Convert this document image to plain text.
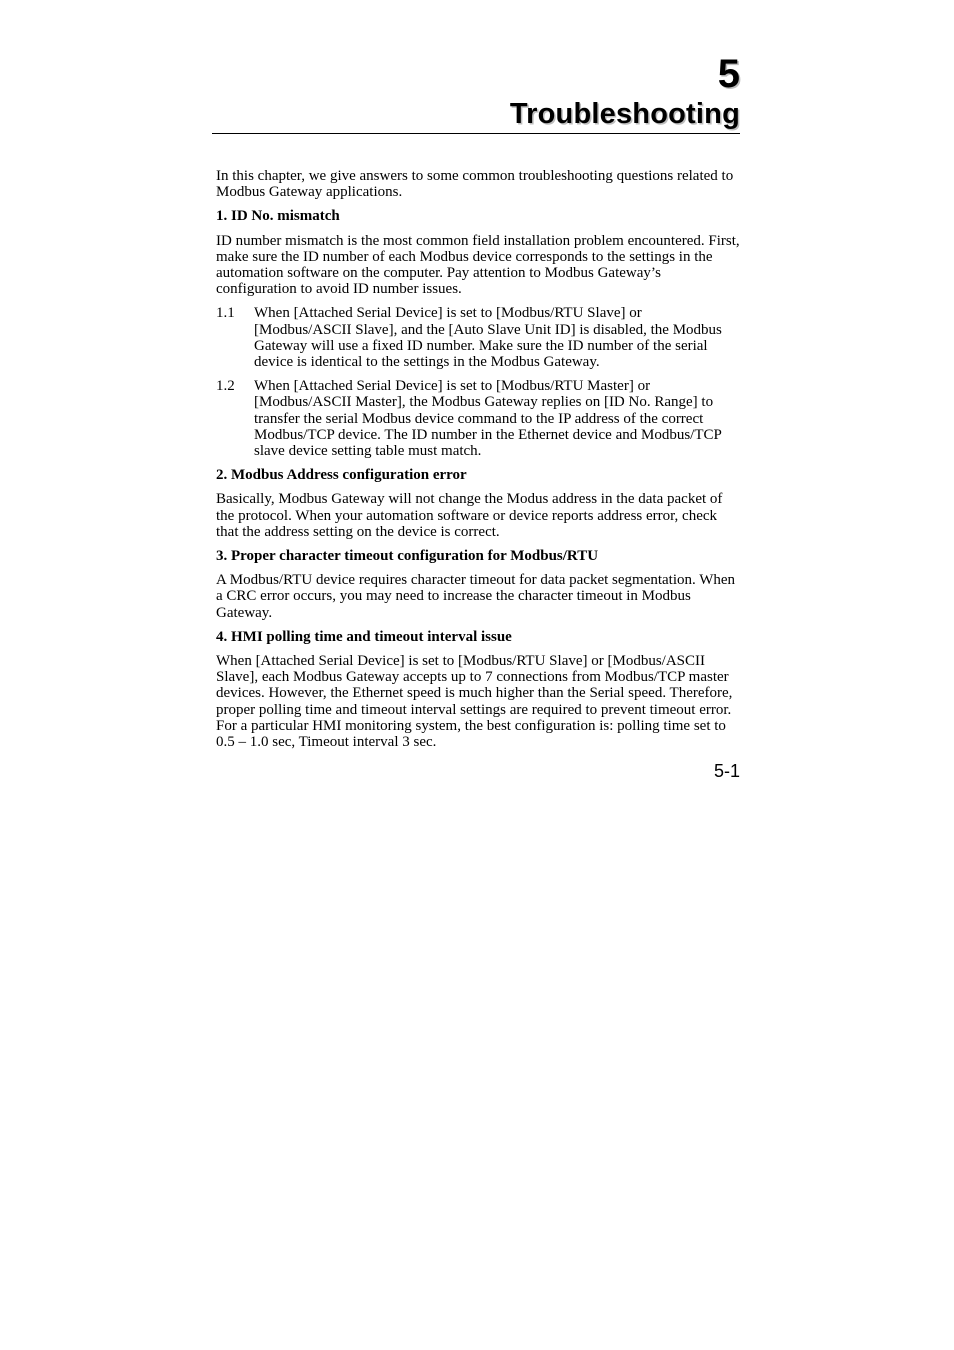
5
Troubleshooting

In this chapter, we give answers to some common troubleshooting questions related to Modbus Gateway applications.

1. ID No. mismatch

ID number mismatch is the most common field installation problem encountered. First, make sure the ID number of each Modbus device corresponds to the settings in the automation software on the computer. Pay attention to Modbus Gateway’s configuration to avoid ID number issues.

1.1	When [Attached Serial Device] is set to [Modbus/RTU Slave] or [Modbus/ASCII Slave], and the [Auto Slave Unit ID] is disabled, the Modbus Gateway will use a fixed ID number. Make sure the ID number of the serial device is identical to the settings in the Modbus Gateway.
1.2	When [Attached Serial Device] is set to [Modbus/RTU Master] or [Modbus/ASCII Master], the Modbus Gateway replies on [ID No. Range] to transfer the serial Modbus device command to the IP address of the correct Modbus/TCP device. The ID number in the Ethernet device and Modbus/TCP slave device setting table must match.
2. Modbus Address configuration error

Basically, Modbus Gateway will not change the Modus address in the data packet of the protocol. When your automation software or device reports address error, check that the address setting on the device is correct.

3. Proper character timeout configuration for Modbus/RTU

A Modbus/RTU device requires character timeout for data packet segmentation. When a CRC error occurs, you may need to increase the character timeout in Modbus Gateway.

4. HMI polling time and timeout interval issue

When [Attached Serial Device] is set to [Modbus/RTU Slave] or [Modbus/ASCII Slave], each Modbus Gateway accepts up to 7 connections from Modbus/TCP master devices. However, the Ethernet speed is much higher than the Serial speed. Therefore, proper polling time and timeout interval settings are required to prevent timeout error. For a particular HMI monitoring system, the best configuration is: polling time set to 0.5 – 1.0 sec, Timeout interval 3 sec.

5-1
